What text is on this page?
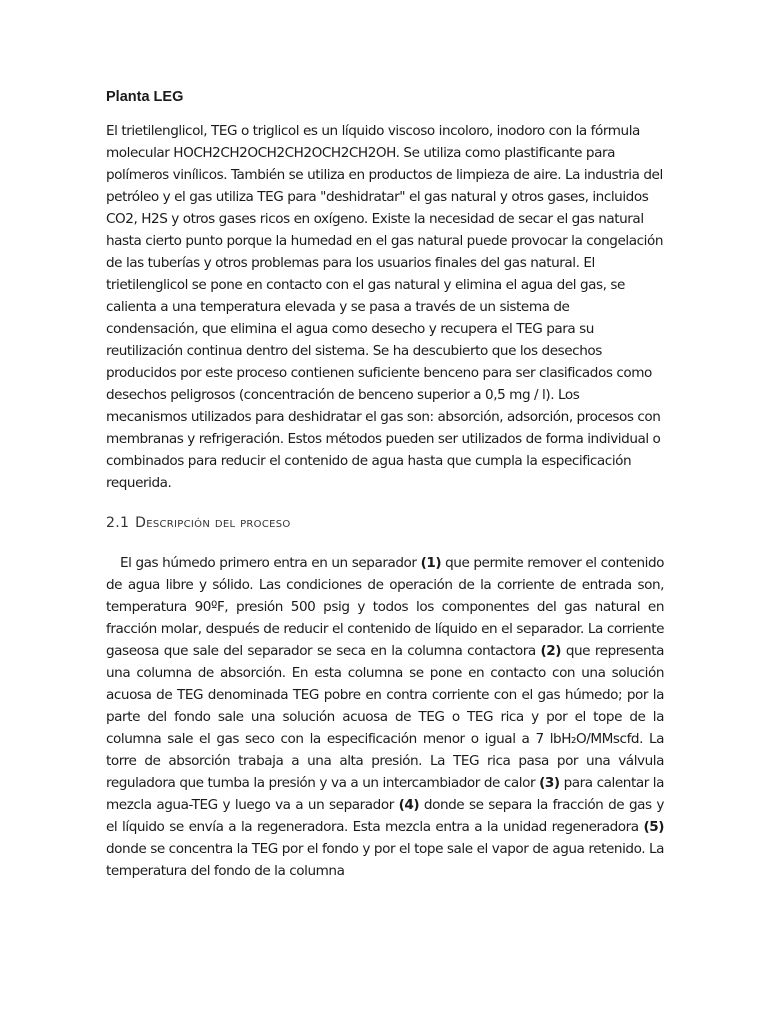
Planta LEG

El trietilenglicol, TEG o triglicol es un líquido viscoso incoloro, inodoro con la fórmula molecular HOCH2CH2OCH2CH2OCH2CH2OH. Se utiliza como plastificante para polímeros vinílicos. También se utiliza en productos de limpieza de aire. La industria del petróleo y el gas utiliza TEG para "deshidratar" el gas natural y otros gases, incluidos CO2, H2S y otros gases ricos en oxígeno. Existe la necesidad de secar el gas natural hasta cierto punto porque la humedad en el gas natural puede provocar la congelación de las tuberías y otros problemas para los usuarios finales del gas natural. El trietilenglicol se pone en contacto con el gas natural y elimina el agua del gas, se calienta a una temperatura elevada y se pasa a través de un sistema de condensación, que elimina el agua como desecho y recupera el TEG para su reutilización continua dentro del sistema. Se ha descubierto que los desechos producidos por este proceso contienen suficiente benceno para ser clasificados como desechos peligrosos (concentración de benceno superior a 0,5 mg / l). Los mecanismos utilizados para deshidratar el gas son: absorción, adsorción, procesos con membranas y refrigeración. Estos métodos pueden ser utilizados de forma individual o combinados para reducir el contenido de agua hasta que cumpla la especificación requerida.

2.1 Descripción del proceso

El gas húmedo primero entra en un separador (1) que permite remover el contenido de agua libre y sólido. Las condiciones de operación de la corriente de entrada son, temperatura 90ºF, presión 500 psig y todos los componentes del gas natural en fracción molar, después de reducir el contenido de líquido en el separador. La corriente gaseosa que sale del separador se seca en la columna contactora (2) que representa una columna de absorción. En esta columna se pone en contacto con una solución acuosa de TEG denominada TEG pobre en contra corriente con el gas húmedo; por la parte del fondo sale una solución acuosa de TEG o TEG rica y por el tope de la columna sale el gas seco con la especificación menor o igual a 7 lbH₂O/MMscfd. La torre de absorción trabaja a una alta presión. La TEG rica pasa por una válvula reguladora que tumba la presión y va a un intercambiador de calor (3) para calentar la mezcla agua-TEG y luego va a un separador (4) donde se separa la fracción de gas y el líquido se envía a la regeneradora. Esta mezcla entra a la unidad regeneradora (5) donde se concentra la TEG por el fondo y por el tope sale el vapor de agua retenido. La temperatura del fondo de la columna
